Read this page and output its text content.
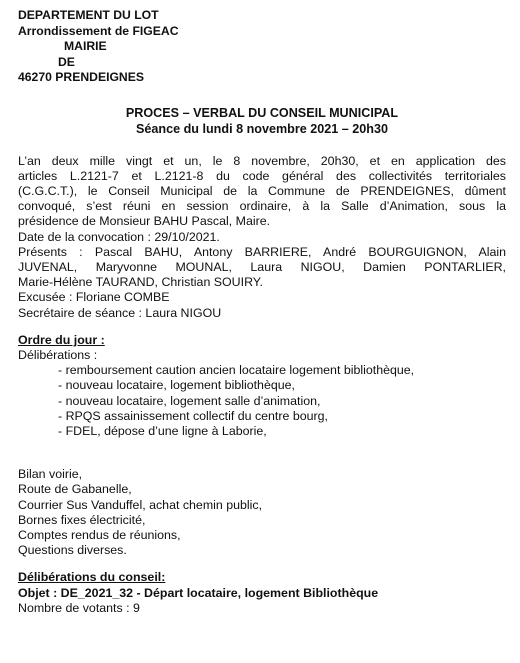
DEPARTEMENT DU LOT
Arrondissement de FIGEAC
MAIRIE
DE
46270 PRENDEIGNES
PROCES – VERBAL DU CONSEIL MUNICIPAL
Séance du lundi 8 novembre 2021 – 20h30
L’an deux mille vingt et un, le 8 novembre, 20h30, et en application des
articles L.2121-7 et L.2121-8 du code général des collectivités territoriales
(C.G.C.T.), le Conseil Municipal de la Commune de PRENDEIGNES, dûment
convoqué, s’est réuni en session ordinaire, à la Salle d’Animation, sous la
présidence de Monsieur BAHU Pascal, Maire.
Date de la convocation : 29/10/2021.
Présents : Pascal BAHU, Antony BARRIERE, André BOURGUIGNON, Alain
JUVENAL, Maryvonne MOUNAL, Laura NIGOU, Damien PONTARLIER,
Marie-Hélène TAURAND, Christian SOUIRY.
Excusée : Floriane COMBE
Secrétaire de séance : Laura NIGOU
Ordre du jour :
Délibérations :
- remboursement caution ancien locataire logement bibliothèque,
- nouveau locataire, logement bibliothèque,
- nouveau locataire, logement salle d’animation,
- RPQS assainissement collectif du centre bourg,
- FDEL, dépose d’une ligne à Laborie,
Bilan voirie,
Route de Gabanelle,
Courrier Sus Vanduffel, achat chemin public,
Bornes fixes électricité,
Comptes rendus de réunions,
Questions diverses.
Délibérations du conseil:
Objet : DE_2021_32 - Départ locataire, logement Bibliothèque
Nombre de votants : 9
